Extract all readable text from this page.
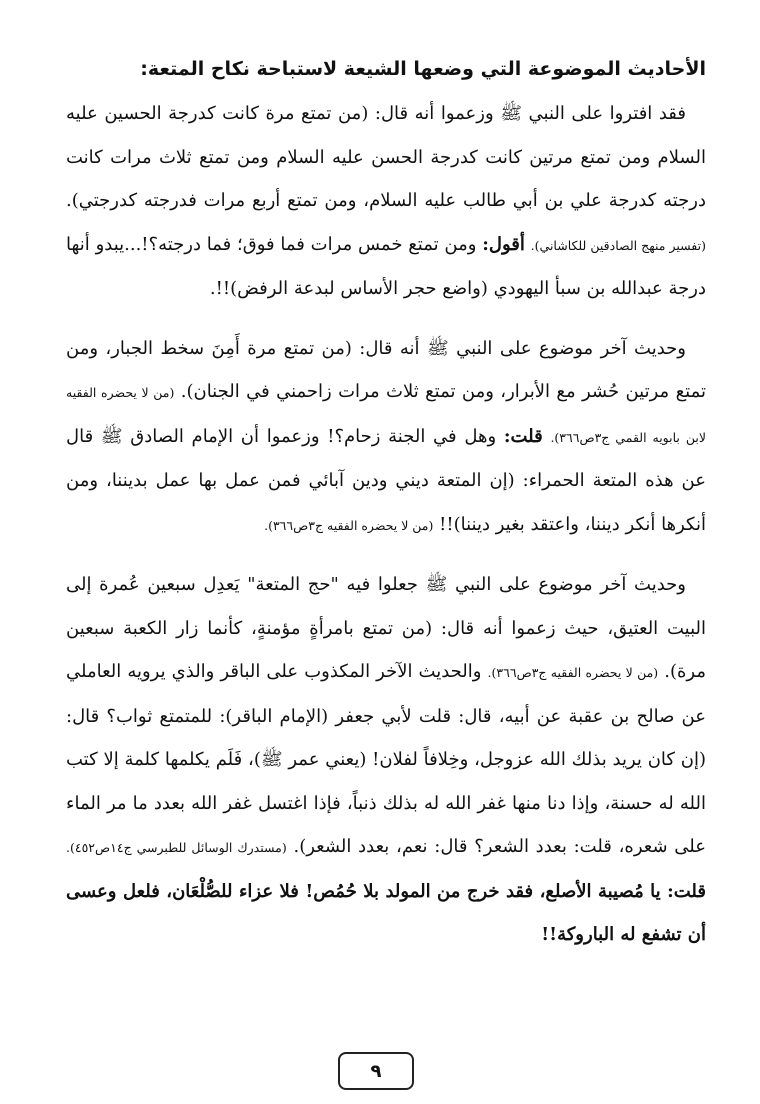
الأحاديث الموضوعة التي وضعها الشيعة لاستباحة نكاح المتعة:

فقد افتروا على النبي ﷺ وزعموا أنه قال: (من تمتع مرة كانت كدرجة الحسين عليه السلام ومن تمتع مرتين كانت كدرجة الحسن عليه السلام ومن تمتع ثلاث مرات كانت درجته كدرجة علي بن أبي طالب عليه السلام، ومن تمتع أربع مرات فدرجته كدرجتي). (تفسير منهج الصادقين للكاشاني). أقول: ومن تمتع خمس مرات فما فوق؛ فما درجته؟!...يبدو أنها درجة عبدالله بن سبأ اليهودي (واضع حجر الأساس لبدعة الرفض)!!.

وحديث آخر موضوع على النبي ﷺ أنه قال: (من تمتع مرة أَمِنَ سخط الجبار، ومن تمتع مرتين حُشر مع الأبرار، ومن تمتع ثلاث مرات زاحمني في الجنان). (من لا يحضره الفقيه لابن بابويه القمي ج٣ص٣٦٦). قلت: وهل في الجنة زحام؟! وزعموا أن الإمام الصادق ﷺ قال عن هذه المتعة الحمراء: (إن المتعة ديني ودين آبائي فمن عمل بها عمل بديننا، ومن أنكرها أنكر ديننا، واعتقد بغير ديننا)!! (من لا يحضره الفقيه ج٣ص٣٦٦).

وحديث آخر موضوع على النبي ﷺ جعلوا فيه "حج المتعة" يَعدِل سبعين عُمرة إلى البيت العتيق، حيث زعموا أنه قال: (من تمتع بامرأةٍ مؤمنةٍ، كأنما زار الكعبة سبعين مرة). (من لا يحضره الفقيه ج٣ص٣٦٦). والحديث الآخر المكذوب على الباقر والذي يرويه العاملي عن صالح بن عقبة عن أبيه، قال: قلت لأبي جعفر (الإمام الباقر): للمتمتع ثواب؟ قال: (إن كان يريد بذلك الله عزوجل، وخِلافاً لفلان! (يعني عمر ﷺ)، فَلَم يكلمها كلمة إلا كتب الله له حسنة، وإذا دنا منها غفر الله له بذلك ذنباً، فإذا اغتسل غفر الله بعدد ما مر الماء على شعره، قلت: بعدد الشعر؟ قال: نعم، بعدد الشعر). (مستدرك الوسائل للطبرسي ج١٤ص٤٥٢). قلت: يا مُصيبة الأصلع، فقد خرج من المولد بلا حُمُص! فلا عزاء للصُّلْعَان، فلعل وعسى أن تشفع له الباروكة!!

٩
